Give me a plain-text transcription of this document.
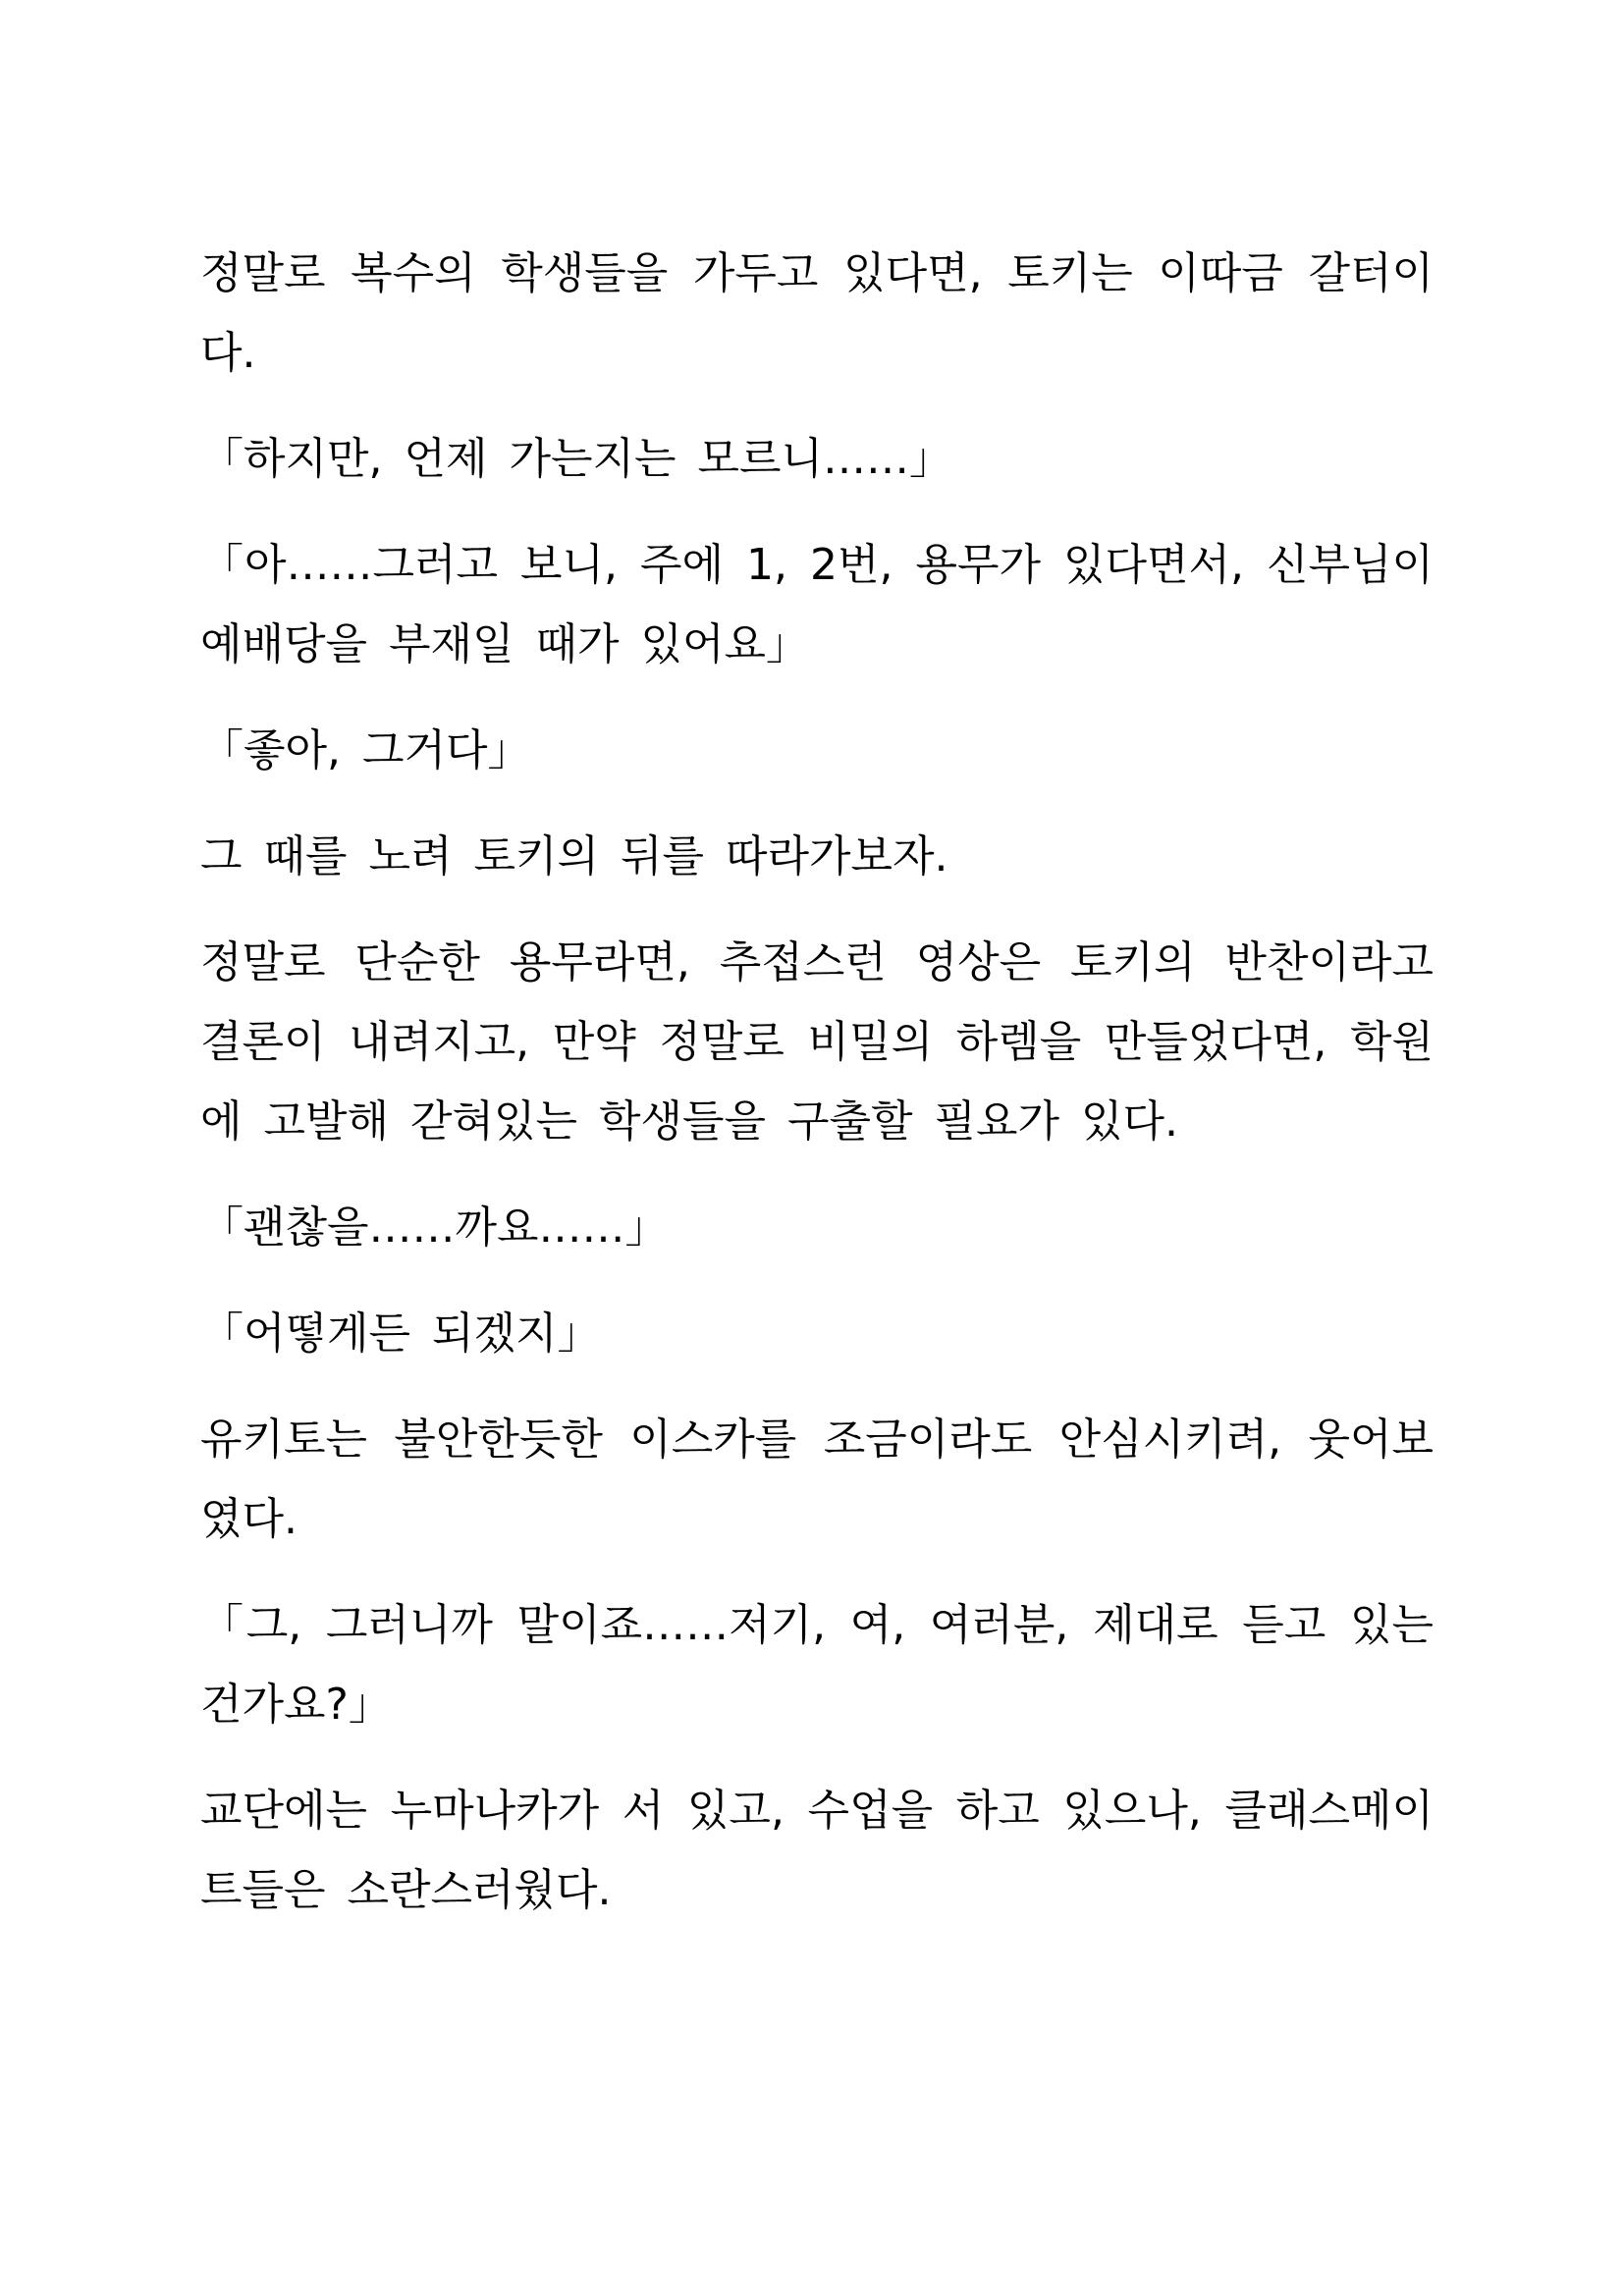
정말로 복수의 학생들을 가두고 있다면, 토키는 이따금 갈터이다.

「하지만, 언제 가는지는 모르니……」

「아……그러고 보니, 주에 1, 2번, 용무가 있다면서, 신부님이 예배당을 부재일 때가 있어요」

「좋아, 그거다」

그 때를 노려 토키의 뒤를 따라가보자.

정말로 단순한 용무라면, 추접스런 영상은 토키의 반찬이라고 결론이 내려지고, 만약 정말로 비밀의 하렘을 만들었다면, 학원에 고발해 갇혀있는 학생들을 구출할 필요가 있다.

「괜찮을……까요……」

「어떻게든 되겠지」

유키토는 불안한듯한 이스카를 조금이라도 안심시키려, 웃어보였다.

「그, 그러니까 말이죠……저기, 여, 여러분, 제대로 듣고 있는건가요?」

교단에는 누마나카가 서 있고, 수업을 하고 있으나, 클래스메이트들은 소란스러웠다.
